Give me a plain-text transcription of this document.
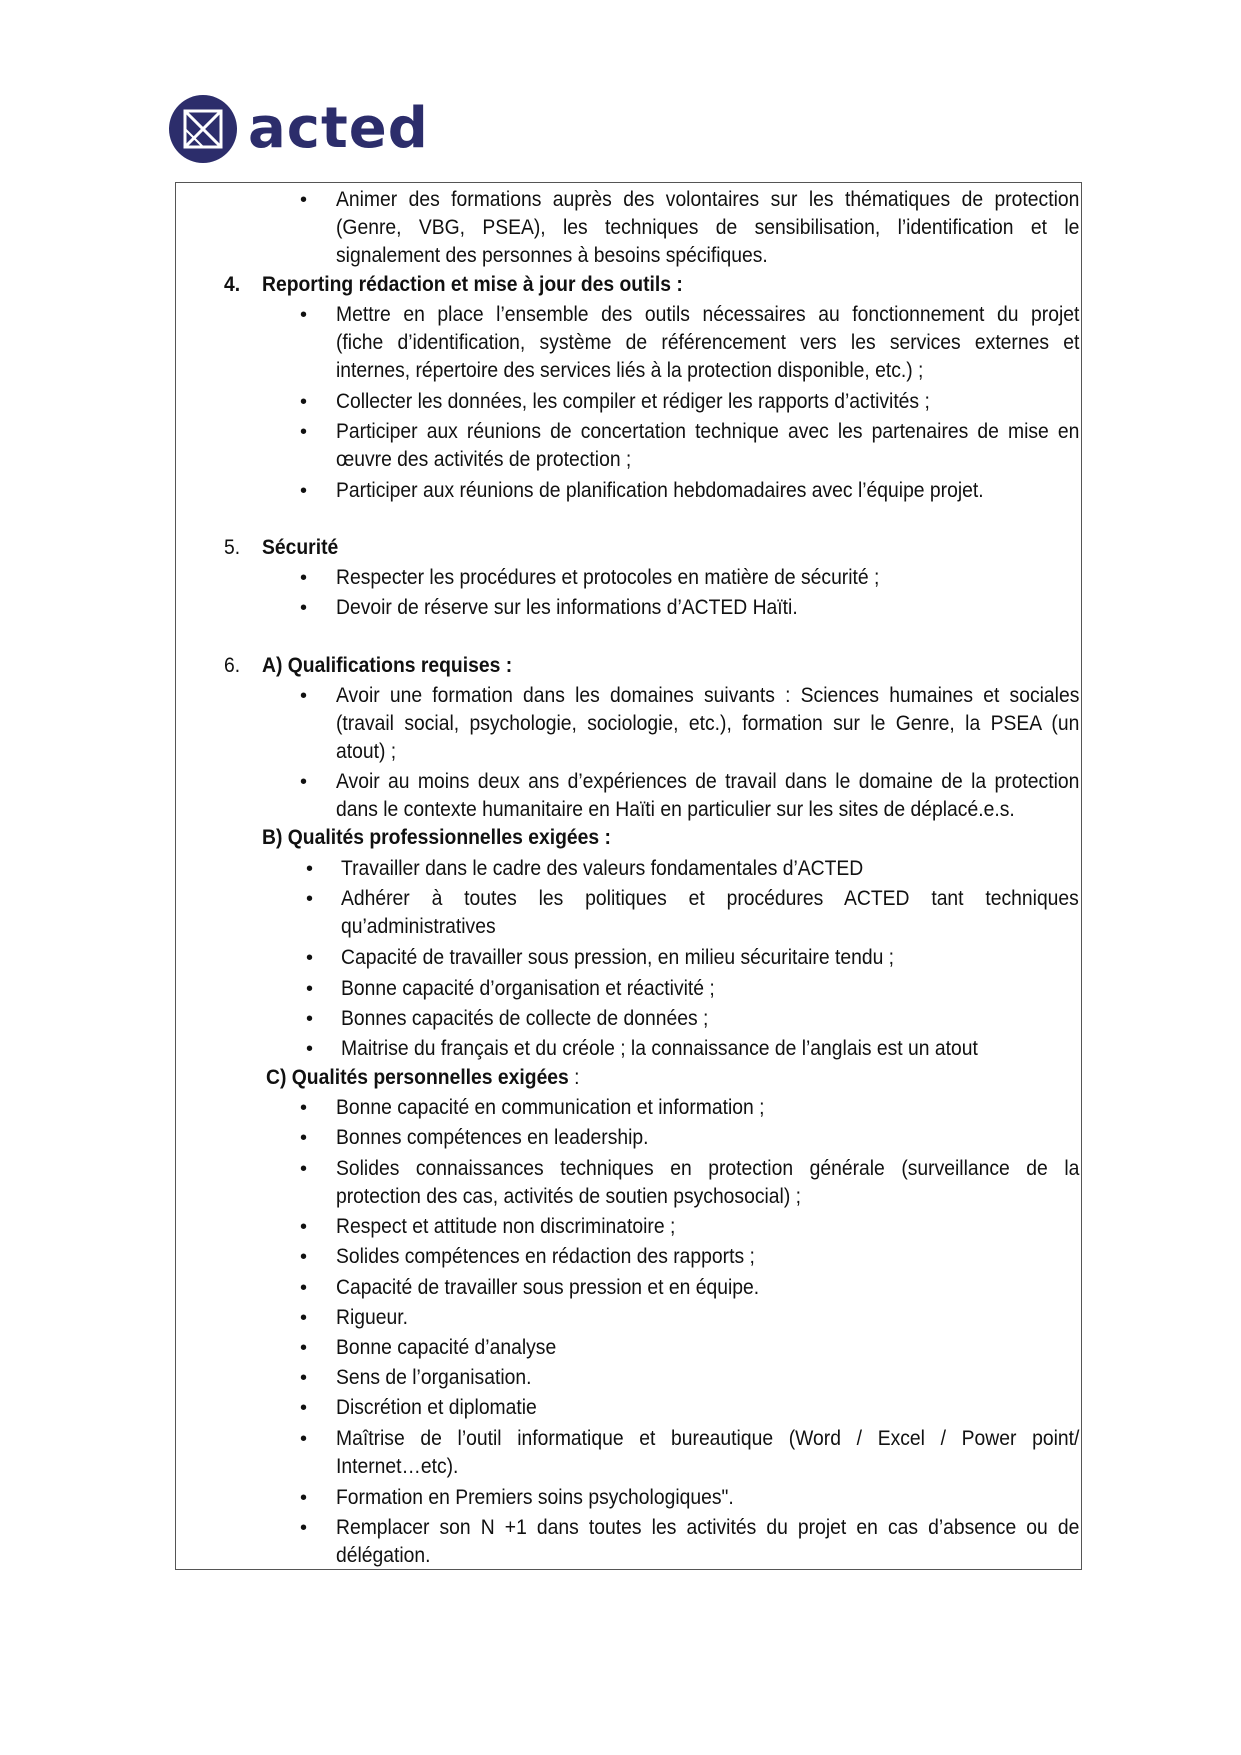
acted
• Animer des formations auprès des volontaires sur les thématiques de protection
(Genre, VBG, PSEA), les techniques de sensibilisation, l’identification et le
signalement des personnes à besoins spécifiques.
4. Reporting rédaction et mise à jour des outils :
• Mettre en place l’ensemble des outils nécessaires au fonctionnement du projet
(fiche d’identification, système de référencement vers les services externes et
internes, répertoire des services liés à la protection disponible, etc.) ;
• Collecter les données, les compiler et rédiger les rapports d’activités ;
• Participer aux réunions de concertation technique avec les partenaires de mise en
œuvre des activités de protection ;
• Participer aux réunions de planification hebdomadaires avec l’équipe projet.
5. Sécurité
• Respecter les procédures et protocoles en matière de sécurité ;
• Devoir de réserve sur les informations d’ACTED Haïti.
6. A) Qualifications requises :
• Avoir une formation dans les domaines suivants : Sciences humaines et sociales
(travail social, psychologie, sociologie, etc.), formation sur le Genre, la PSEA (un
atout) ;
• Avoir au moins deux ans d’expériences de travail dans le domaine de la protection
dans le contexte humanitaire en Haïti en particulier sur les sites de déplacé.e.s.
B) Qualités professionnelles exigées :
• Travailler dans le cadre des valeurs fondamentales d’ACTED
• Adhérer à toutes les politiques et procédures ACTED tant techniques
qu’administratives
• Capacité de travailler sous pression, en milieu sécuritaire tendu ;
• Bonne capacité d’organisation et réactivité ;
• Bonnes capacités de collecte de données ;
• Maitrise du français et du créole ; la connaissance de l’anglais est un atout
C) Qualités personnelles exigées :
• Bonne capacité en communication et information ;
• Bonnes compétences en leadership.
• Solides connaissances techniques en protection générale (surveillance de la
protection des cas, activités de soutien psychosocial) ;
• Respect et attitude non discriminatoire ;
• Solides compétences en rédaction des rapports ;
• Capacité de travailler sous pression et en équipe.
• Rigueur.
• Bonne capacité d’analyse
• Sens de l’organisation.
• Discrétion et diplomatie
• Maîtrise de l’outil informatique et bureautique (Word / Excel / Power point/
Internet…etc).
• Formation en Premiers soins psychologiques".
• Remplacer son N +1 dans toutes les activités du projet en cas d’absence ou de
délégation.
